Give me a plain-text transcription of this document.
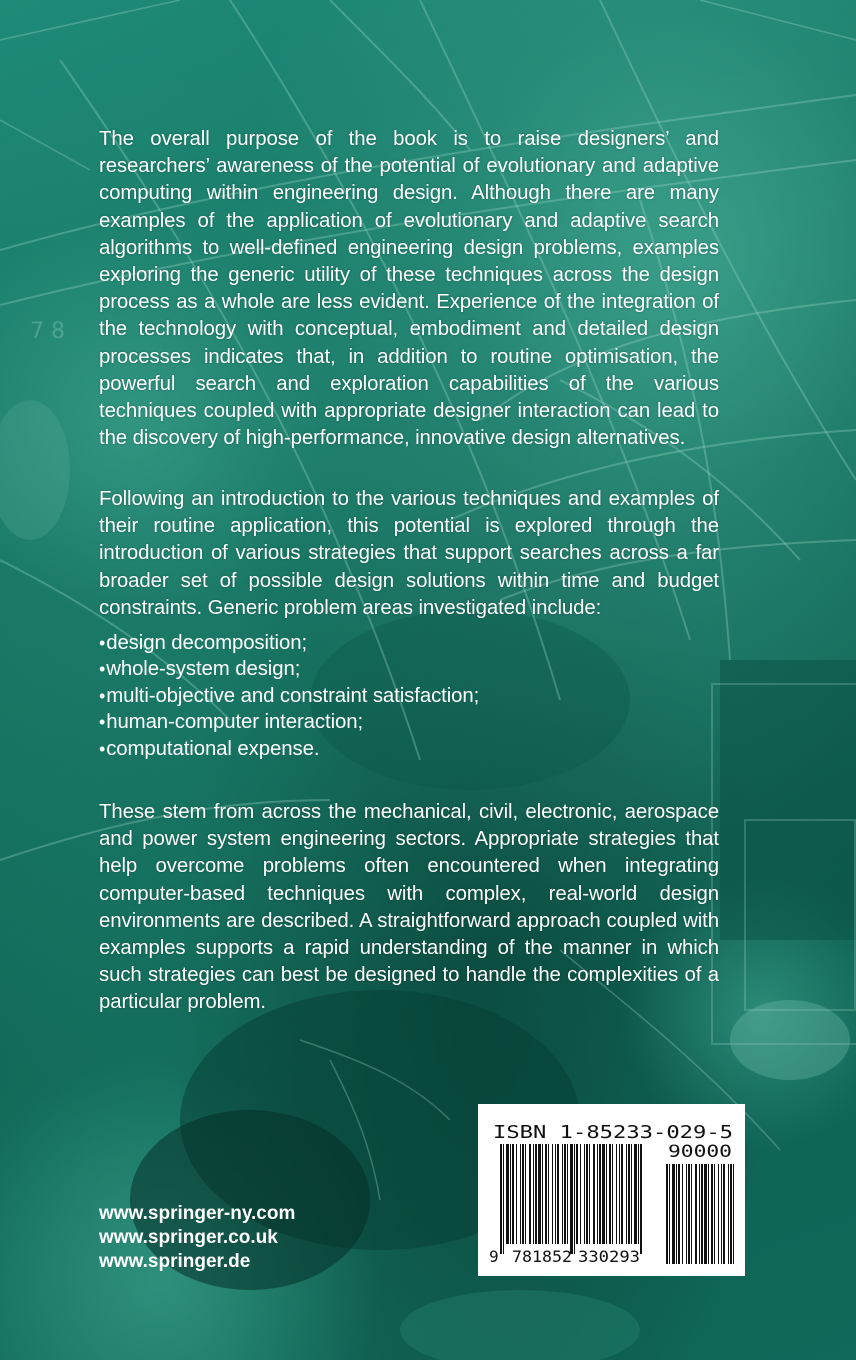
7 8

The overall purpose of the book is to raise designers’ and researchers’ awareness of the potential of evolutionary and adaptive computing within engineering design. Although there are many examples of the application of evolutionary and adaptive search algorithms to well-defined engineering design problems, examples exploring the generic utility of these techniques across the design process as a whole are less evident. Experience of the integration of the technology with conceptual, embodiment and detailed design processes indicates that, in addition to routine optimisation, the powerful search and exploration capabilities of the various techniques coupled with appropriate designer interaction can lead to the discovery of high-performance, innovative design alternatives.

Following an introduction to the various techniques and examples of their routine application, this potential is explored through the introduction of various strategies that support searches across a far broader set of possible design solutions within time and budget constraints. Generic problem areas investigated include:

•design decomposition;
•whole-system design;
•multi-objective and constraint satisfaction;
•human-computer interaction;
•computational expense.

These stem from across the mechanical, civil, electronic, aerospace and power system engineering sectors. Appropriate strategies that help overcome problems often encountered when integrating computer-based techniques with complex, real-world design environments are described. A straightforward approach coupled with examples supports a rapid understanding of the manner in which such strategies can best be designed to handle the complexities of a particular problem.

www.springer-ny.com
www.springer.co.uk
www.springer.de
ISBN 1-85233-029-5
90000
9 781852 330293
